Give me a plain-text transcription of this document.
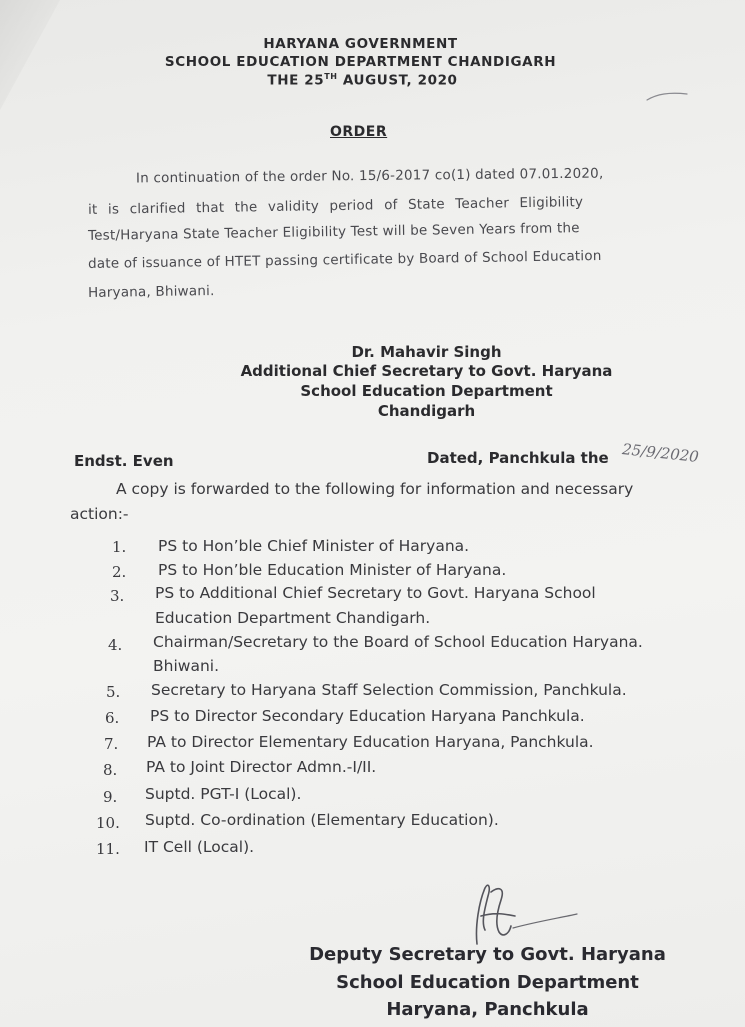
HARYANA GOVERNMENT
SCHOOL EDUCATION DEPARTMENT CHANDIGARH
THE 25TH AUGUST, 2020
ORDER
In continuation of the order No. 15/6-2017 co(1) dated 07.01.2020,
it is clarified that the validity period of State Teacher Eligibility
Test/Haryana State Teacher Eligibility Test will be Seven Years from the
date of issuance of HTET passing certificate by Board of School Education
Haryana, Bhiwani.
Dr. Mahavir Singh
Additional Chief Secretary to Govt. Haryana
School Education Department
Chandigarh
Endst. Even	Dated, Panchkula the 25/9/2020
A copy is forwarded to the following for information and necessary
action:-
1. PS to Hon’ble Chief Minister of Haryana.
2. PS to Hon’ble Education Minister of Haryana.
3. PS to Additional Chief Secretary to Govt. Haryana School
Education Department Chandigarh.
4. Chairman/Secretary to the Board of School Education Haryana.
Bhiwani.
5. Secretary to Haryana Staff Selection Commission, Panchkula.
6. PS to Director Secondary Education Haryana Panchkula.
7. PA to Director Elementary Education Haryana, Panchkula.
8. PA to Joint Director Admn.-I/II.
9. Suptd. PGT-I (Local).
10. Suptd. Co-ordination (Elementary Education).
11. IT Cell (Local).
Deputy Secretary to Govt. Haryana
School Education Department
Haryana, Panchkula
